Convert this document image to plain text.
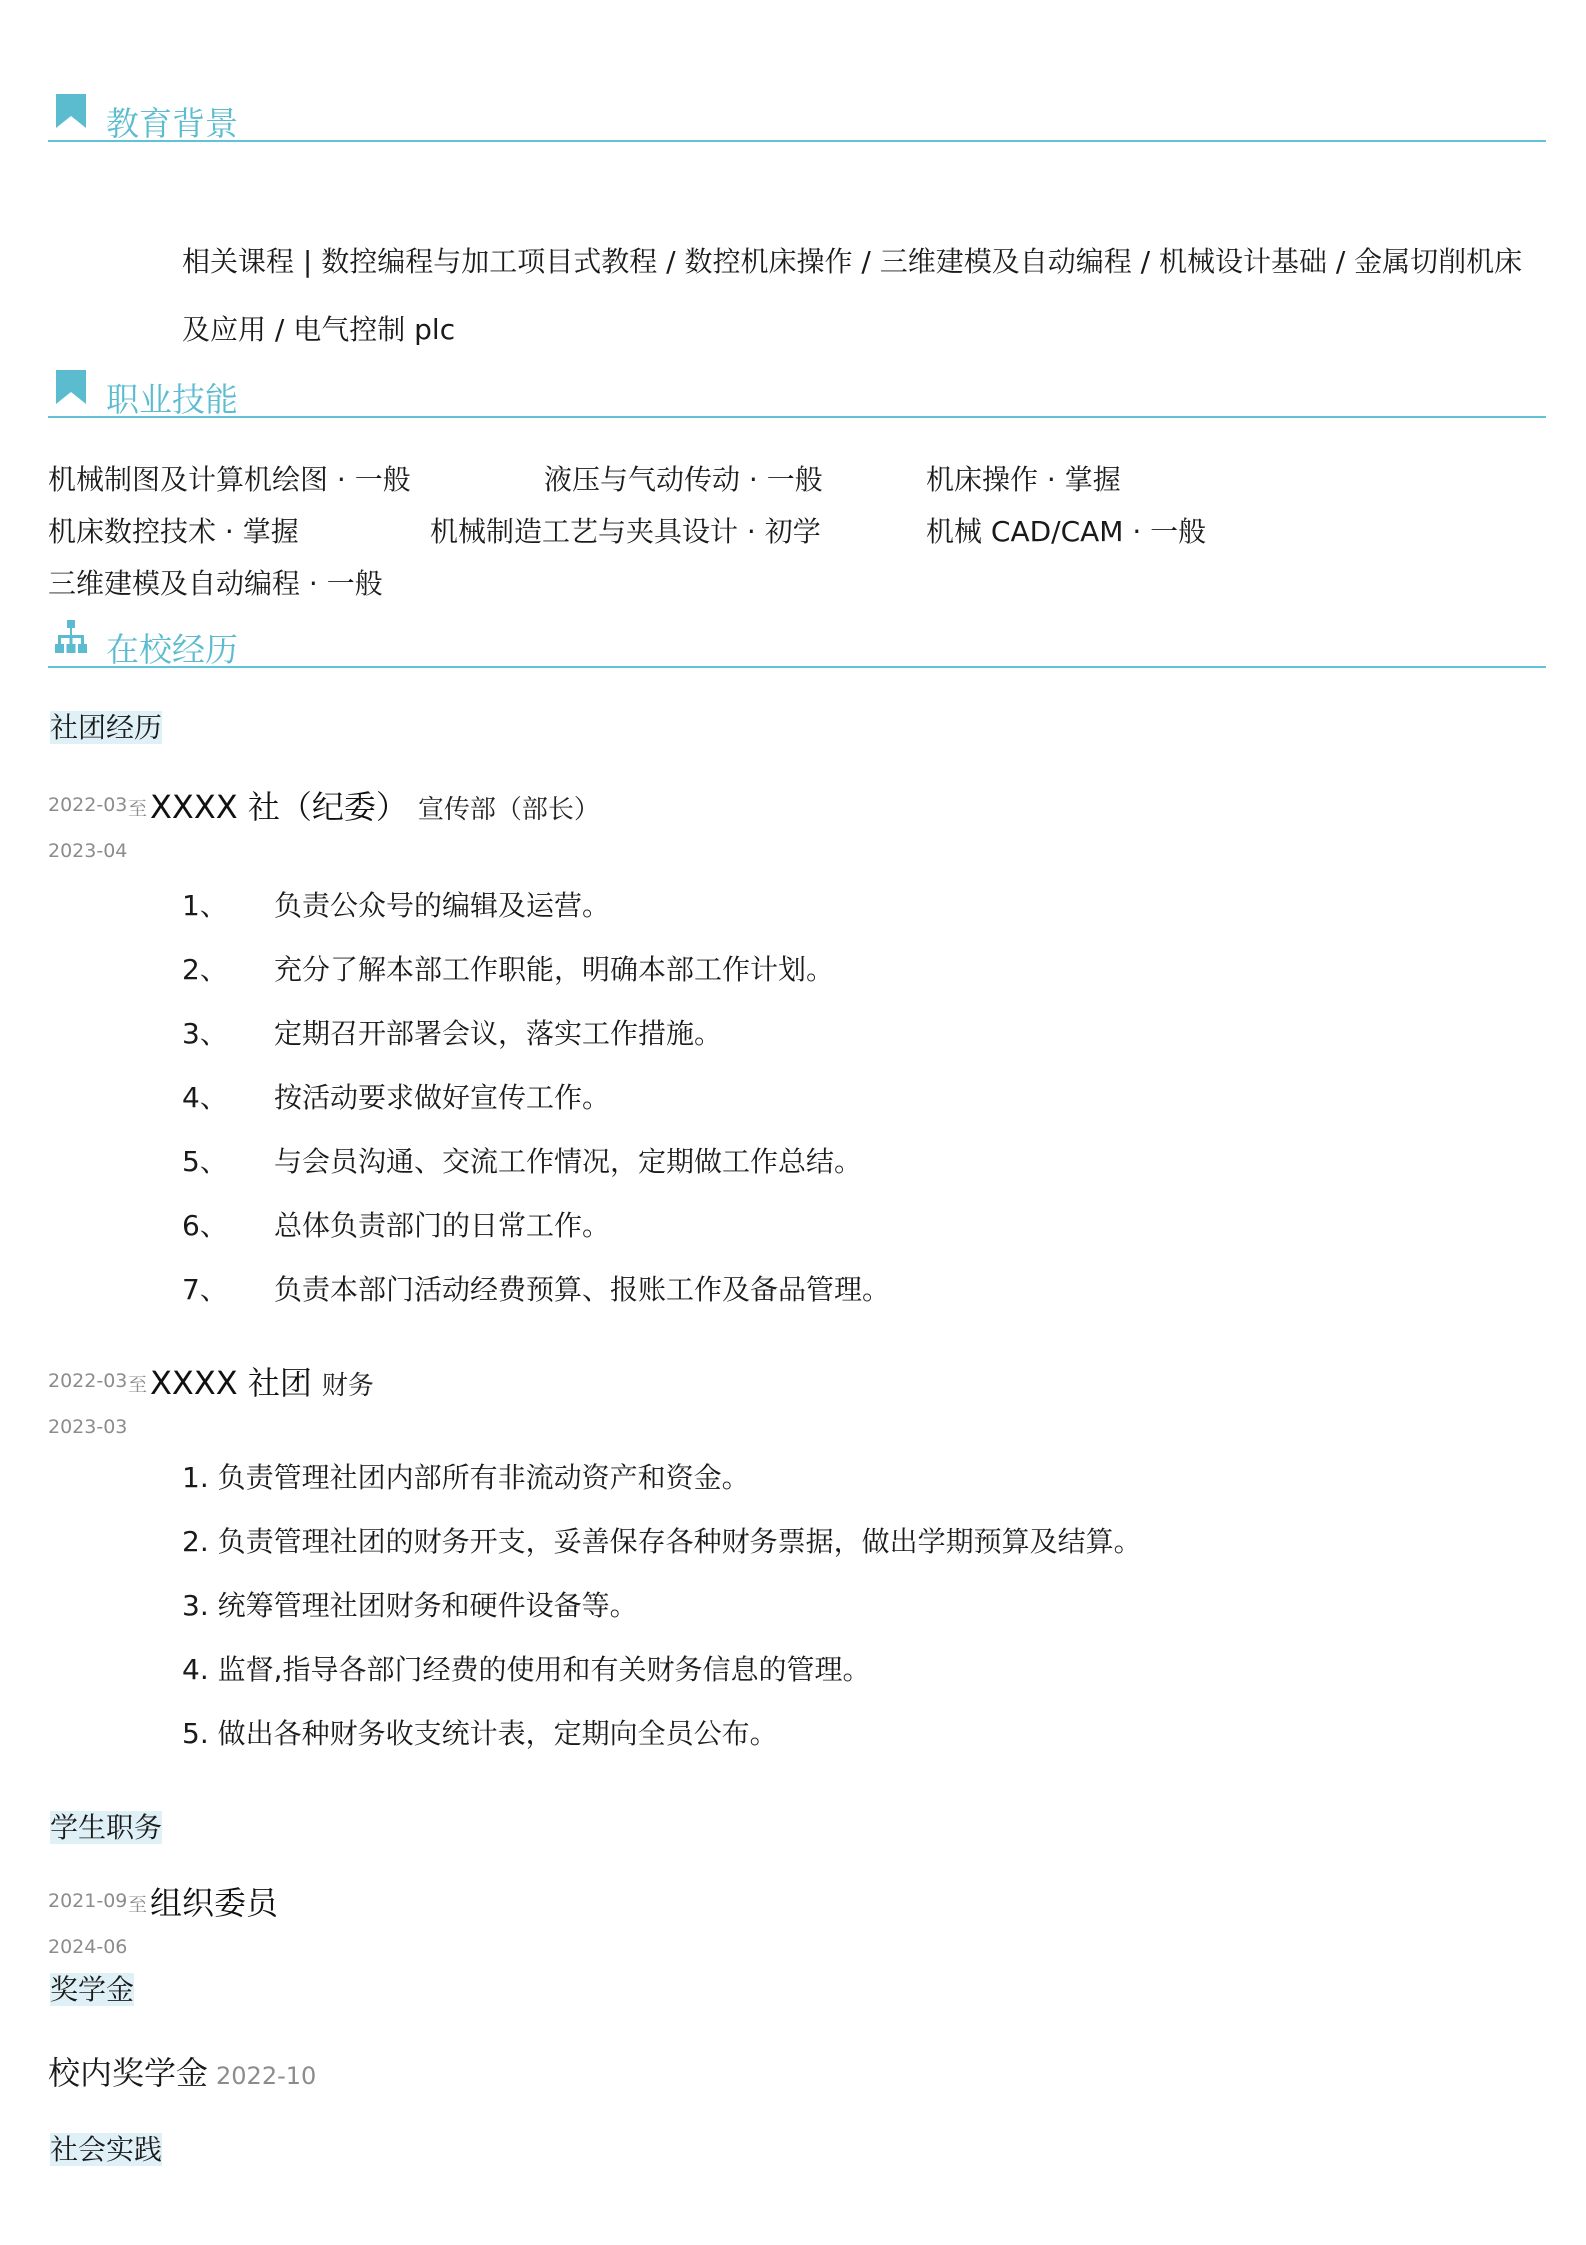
教育背景
相关课程 | 数控编程与加工项目式教程 / 数控机床操作 / 三维建模及自动编程 / 机械设计基础 / 金属切削机床及应用 / 电气控制 plc
职业技能
机械制图及计算机绘图 · 一般	液压与气动传动 · 一般	机床操作 · 掌握
机床数控技术 · 掌握	机械制造工艺与夹具设计 · 初学	机械 CAD/CAM · 一般
三维建模及自动编程 · 一般
在校经历
社团经历
2022-03 至
2023-04
XXXX 社（纪委） 宣传部（部长）
1、 负责公众号的编辑及运营。
2、 充分了解本部工作职能，明确本部工作计划。
3、 定期召开部署会议，落实工作措施。
4、 按活动要求做好宣传工作。
5、 与会员沟通、交流工作情况，定期做工作总结。
6、 总体负责部门的日常工作。
7、 负责本部门活动经费预算、报账工作及备品管理。
2022-03 至
2023-03
XXXX 社团 财务
1. 负责管理社团内部所有非流动资产和资金。
2. 负责管理社团的财务开支，妥善保存各种财务票据，做出学期预算及结算。
3. 统筹管理社团财务和硬件设备等。
4. 监督,指导各部门经费的使用和有关财务信息的管理。
5. 做出各种财务收支统计表，定期向全员公布。
学生职务
2021-09 至
2024-06
组织委员
奖学金
校内奖学金 2022-10
社会实践
